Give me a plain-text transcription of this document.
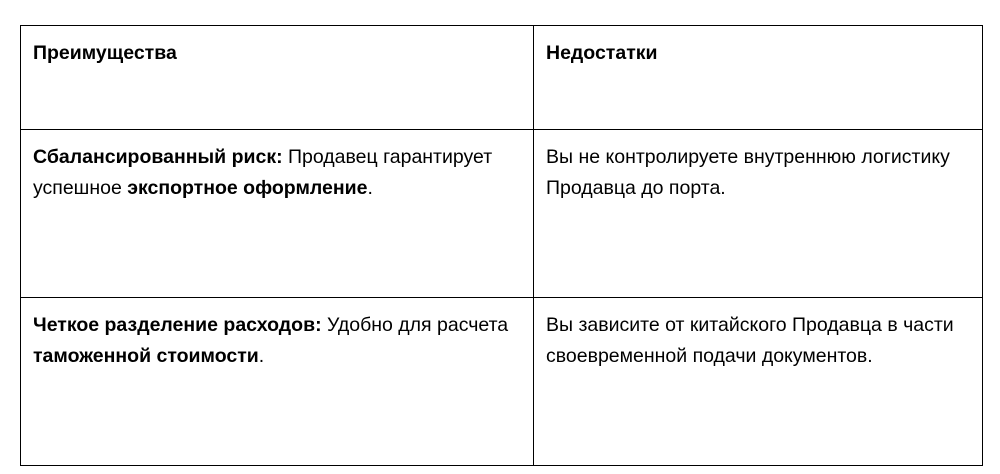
Преимущества	Недостатки
Сбалансированный риск: Продавец гарантирует успешное экспортное оформление.	Вы не контролируете внутреннюю логистику Продавца до порта.
Четкое разделение расходов: Удобно для расчета таможенной стоимости.	Вы зависите от китайского Продавца в части своевременной подачи документов.
